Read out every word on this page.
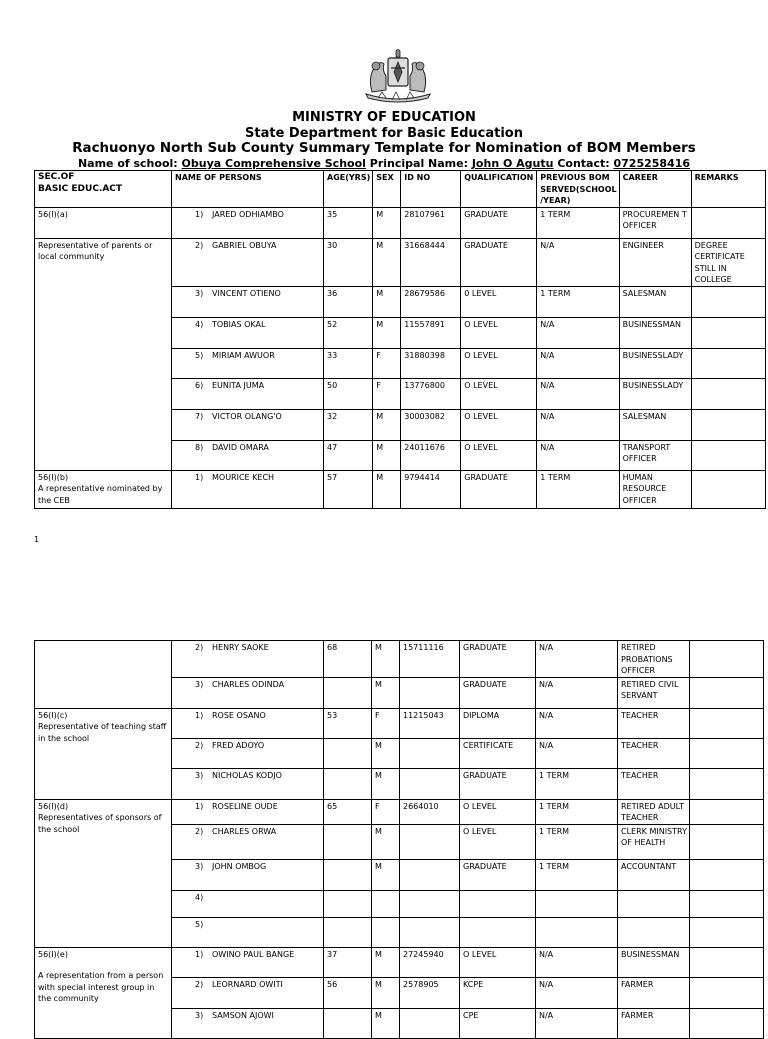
MINISTRY OF EDUCATION
State Department for Basic Education
Rachuonyo North Sub County Summary Template for Nomination of BOM Members
Name of school: Obuya Comprehensive School Principal Name: John O Agutu Contact: 0725258416
SEC.OF
BASIC EDUC.ACT	NAME OF PERSONS	AGE(YRS)	SEX	ID NO	QUALIFICATION	PREVIOUS BOM SERVED(SCHOOL /YEAR)	CAREER	REMARKS
56(I)(a)	1) JARED ODHIAMBO	35	M	28107961	GRADUATE	1 TERM	PROCUREMEN T OFFICER	
Representative of parents or local community	2) GABRIEL OBUYA	30	M	31668444	GRADUATE	N/A	ENGINEER	DEGREE CERTIFICATE STILL IN COLLEGE
	3) VINCENT OTIENO	36	M	28679586	0 LEVEL	1 TERM	SALESMAN	
	4) TOBIAS OKAL	52	M	11557891	O LEVEL	N/A	BUSINESSMAN	
	5) MIRIAM AWUOR	33	F	31880398	O LEVEL	N/A	BUSINESSLADY	
	6) EUNITA JUMA	50	F	13776800	O LEVEL	N/A	BUSINESSLADY	
	7) VICTOR OLANG'O	32	M	30003082	O LEVEL	N/A	SALESMAN	
	8) DAVID OMARA	47	M	24011676	O LEVEL	N/A	TRANSPORT OFFICER	

56(I)(b)
A representative nominated by the CEB	1) MOURICE KECH	57	M	9794414	GRADUATE	1 TERM	HUMAN RESOURCE OFFICER	
1
	2) HENRY SAOKE	68	M	15711116	GRADUATE	N/A	RETIRED PROBATIONS OFFICER	
	3) CHARLES ODINDA		M		GRADUATE	N/A	RETIRED CIVIL SERVANT	

56(I)(c)
Representative of teaching staff in the school	1) ROSE OSANO	53	F	11215043	DIPLOMA	N/A	TEACHER	
	2) FRED ADOYO		M		CERTIFICATE	N/A	TEACHER	
	3) NICHOLAS KODJO		M		GRADUATE	1 TERM	TEACHER	

56(I)(d)
Representatives of sponsors of the school	1) ROSELINE OUDE	65	F	2664010	O LEVEL	1 TERM	RETIRED ADULT TEACHER	
	2) CHARLES ORWA		M		O LEVEL	1 TERM	CLERK MINISTRY OF HEALTH	
	3) JOHN OMBOG		M		GRADUATE	1 TERM	ACCOUNTANT	
	4)							
	5)							

56(I)(e)
A representation from a person with special interest group in the community	1) OWINO PAUL BANGE	37	M	27245940	O LEVEL	N/A	BUSINESSMAN	
	2) LEORNARD OWITI	56	M	2578905	KCPE	N/A	FARMER	
	3) SAMSON AJOWI		M		CPE	N/A	FARMER	
